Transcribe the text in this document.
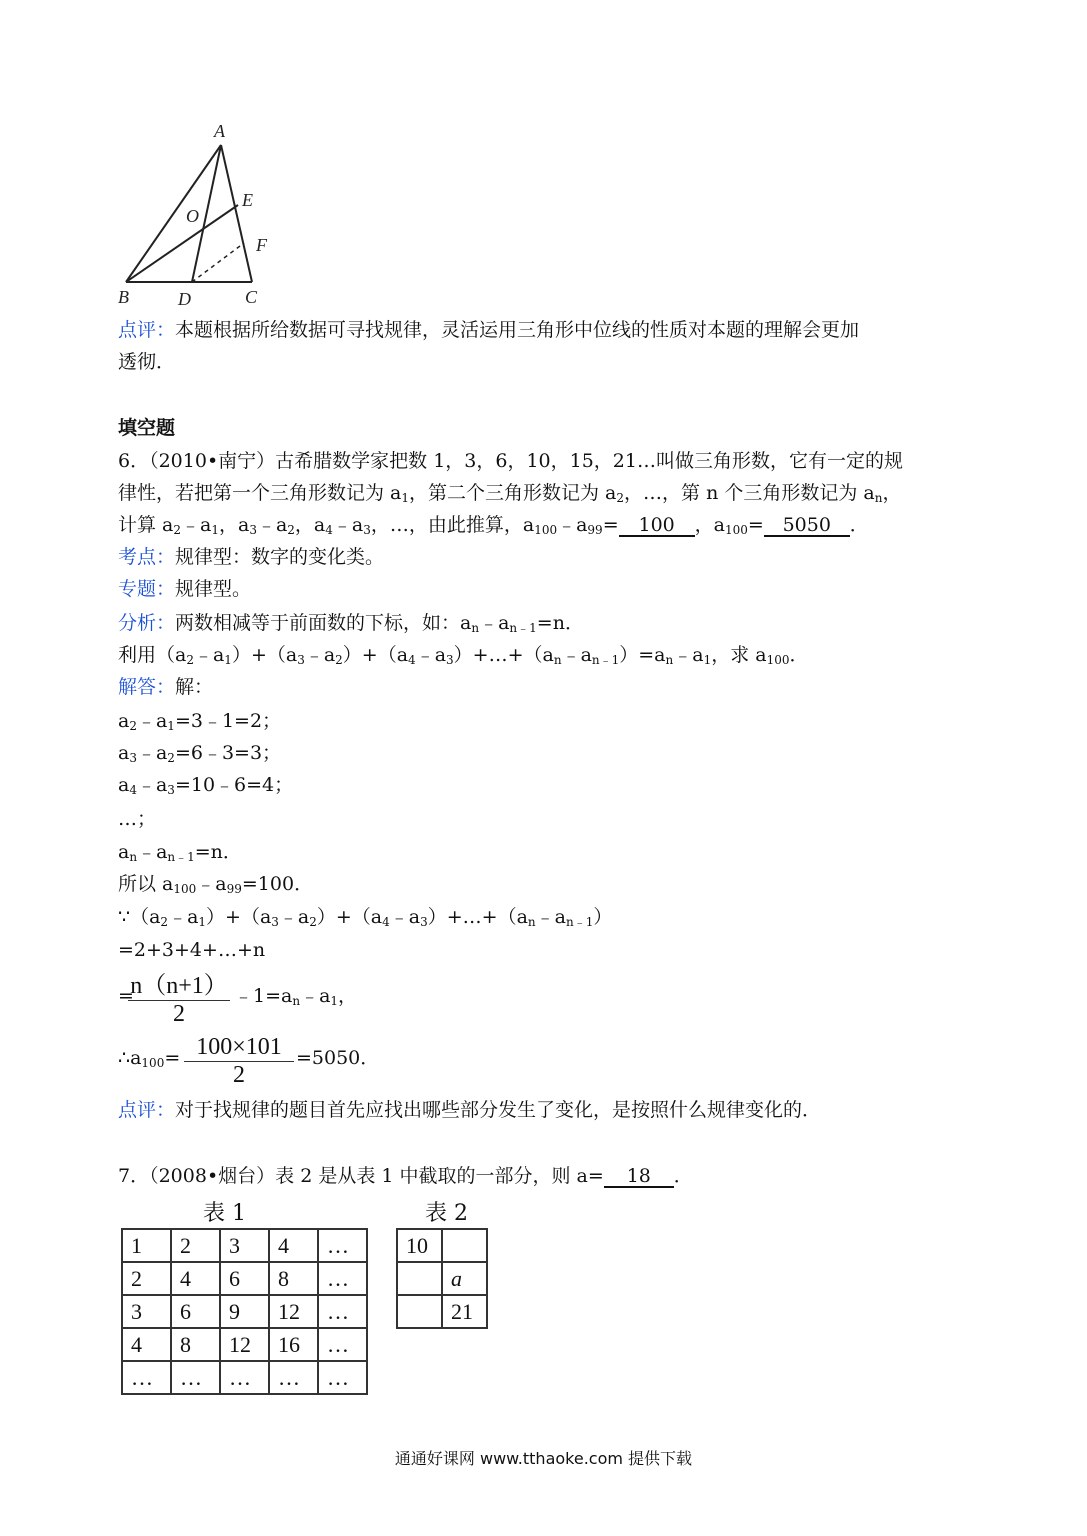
A
E
O
F
B	D	C
点评：本题根据所给数据可寻找规律，灵活运用三角形中位线的性质对本题的理解会更加
透彻．
填空题
6．（2010•南宁）古希腊数学家把数 1，3，6，10，15，21…叫做三角形数，它有一定的规
律性，若把第一个三角形数记为 $a_1$，第二个三角形数记为 $a_2$，…，第 n 个三角形数记为 $a_n$，
计算 $a_2﹣a_1$，$a_3﹣a_2$，$a_4﹣a_3$，…，由此推算，$a_{100}﹣a_{99}= 100$ ，$a_{100}= 5050$ ．
考点：规律型：数字的变化类。
专题：规律型。
分析：两数相减等于前面数的下标，如：$a_n﹣a_{n﹣1}=n$．
利用$(a_2﹣a_1)+(a_3﹣a_2)+(a_4﹣a_3)+\dots+(a_n﹣a_{n﹣1})=a_n﹣a_1$，求 $a_{100}$．
解答：解：
$a_2﹣a_1=3﹣1=2$；
$a_3﹣a_2=6﹣3=3$；
$a_4﹣a_3=10﹣6=4$；
…；
$a_n﹣a_{n﹣1}=n$．
所以 $a_{100}﹣a_{99}=100$．
$\because(a_2﹣a_1)+(a_3﹣a_2)+(a_4﹣a_3)+\dots+(a_n﹣a_{n﹣1})$
=2+3+4+…+n
=
n（n+1）
2
$﹣1=a_n﹣a_1$，
$\therefore a_{100}= 100\times 101$
2
=5050．
点评：对于找规律的题目首先应找出哪些部分发生了变化，是按照什么规律变化的．
7．（2008•烟台）表 2 是从表 1 中截取的一部分，则 a= 18 ．
表 1	表 2
1	2	3	4	…
2	4	6	8	…
3	6	9	12	…
4	8	12	16	…
…	…	…	…	…
10	
	a
	21
通通好课网 www.tthaoke.com 提供下载
